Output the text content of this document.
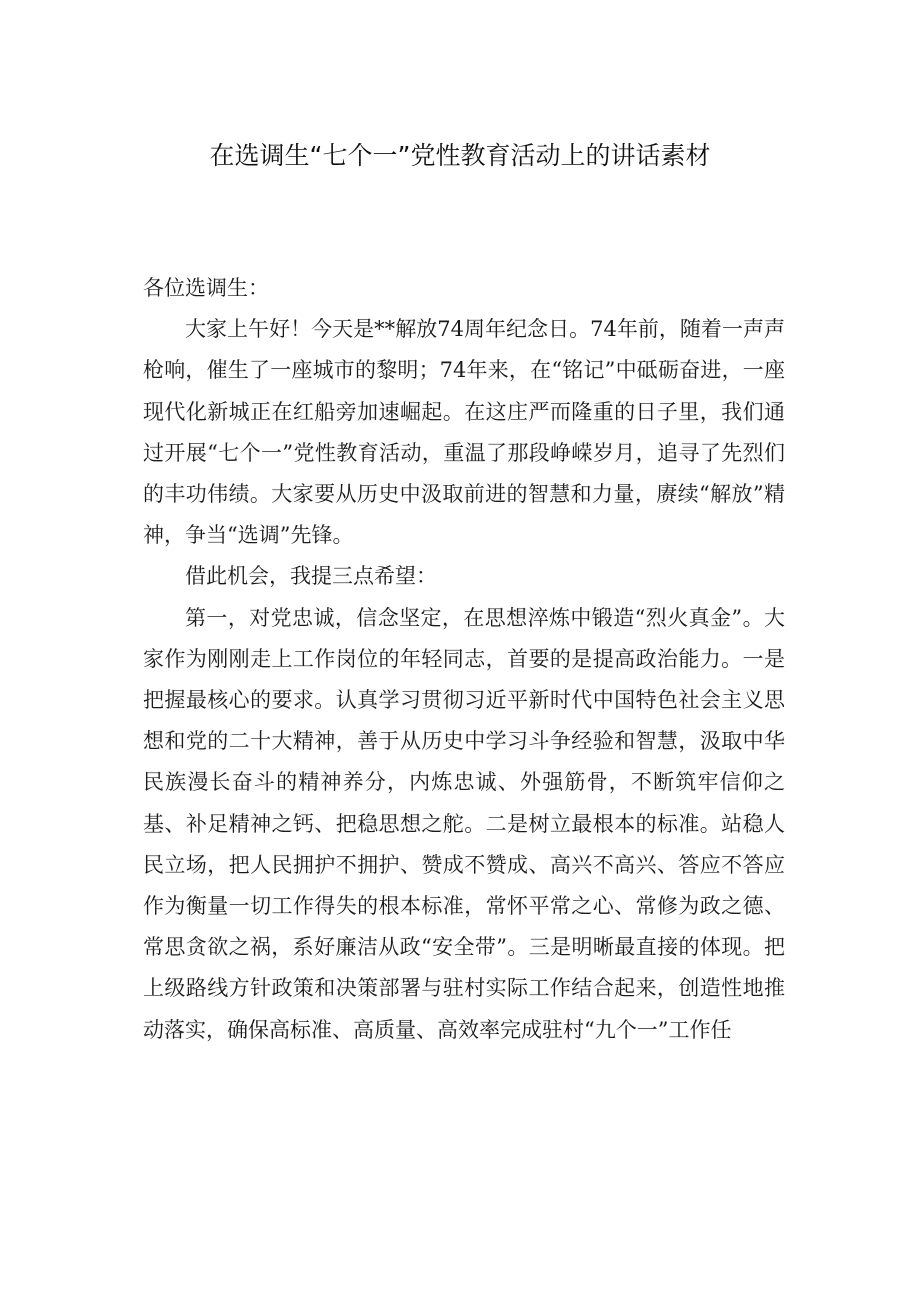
在选调生“七个一”党性教育活动上的讲话素材

各位选调生：

大家上午好！今天是**解放74周年纪念日。74年前，随着一声声枪响，催生了一座城市的黎明；74年来，在“铭记”中砥砺奋进，一座现代化新城正在红船旁加速崛起。在这庄严而隆重的日子里，我们通过开展“七个一”党性教育活动，重温了那段峥嵘岁月，追寻了先烈们的丰功伟绩。大家要从历史中汲取前进的智慧和力量，赓续“解放”精神，争当“选调”先锋。

借此机会，我提三点希望：

第一，对党忠诚，信念坚定，在思想淬炼中锻造“烈火真金”。大家作为刚刚走上工作岗位的年轻同志，首要的是提高政治能力。一是把握最核心的要求。认真学习贯彻习近平新时代中国特色社会主义思想和党的二十大精神，善于从历史中学习斗争经验和智慧，汲取中华民族漫长奋斗的精神养分，内炼忠诚、外强筋骨，不断筑牢信仰之基、补足精神之钙、把稳思想之舵。二是树立最根本的标准。站稳人民立场，把人民拥护不拥护、赞成不赞成、高兴不高兴、答应不答应作为衡量一切工作得失的根本标准，常怀平常之心、常修为政之德、常思贪欲之祸，系好廉洁从政“安全带”。三是明晰最直接的体现。把上级路线方针政策和决策部署与驻村实际工作结合起来，创造性地推动落实，确保高标准、高质量、高效率完成驻村“九个一”工作任
